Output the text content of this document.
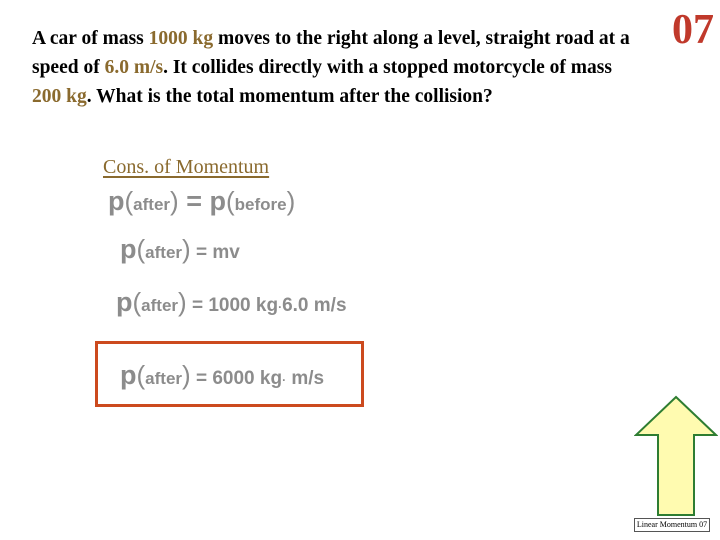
A car of mass 1000 kg moves to the right along a level, straight road at a speed of 6.0 m/s. It collides directly with a stopped motorcycle of mass 200 kg. What is the total momentum after the collision?

07
Cons. of Momentum
p(after) = p(before)
p(after) = mv
p(after) = 1000 kg·6.0 m/s
p(after) = 6000 kg· m/s
Linear Momentum 07
